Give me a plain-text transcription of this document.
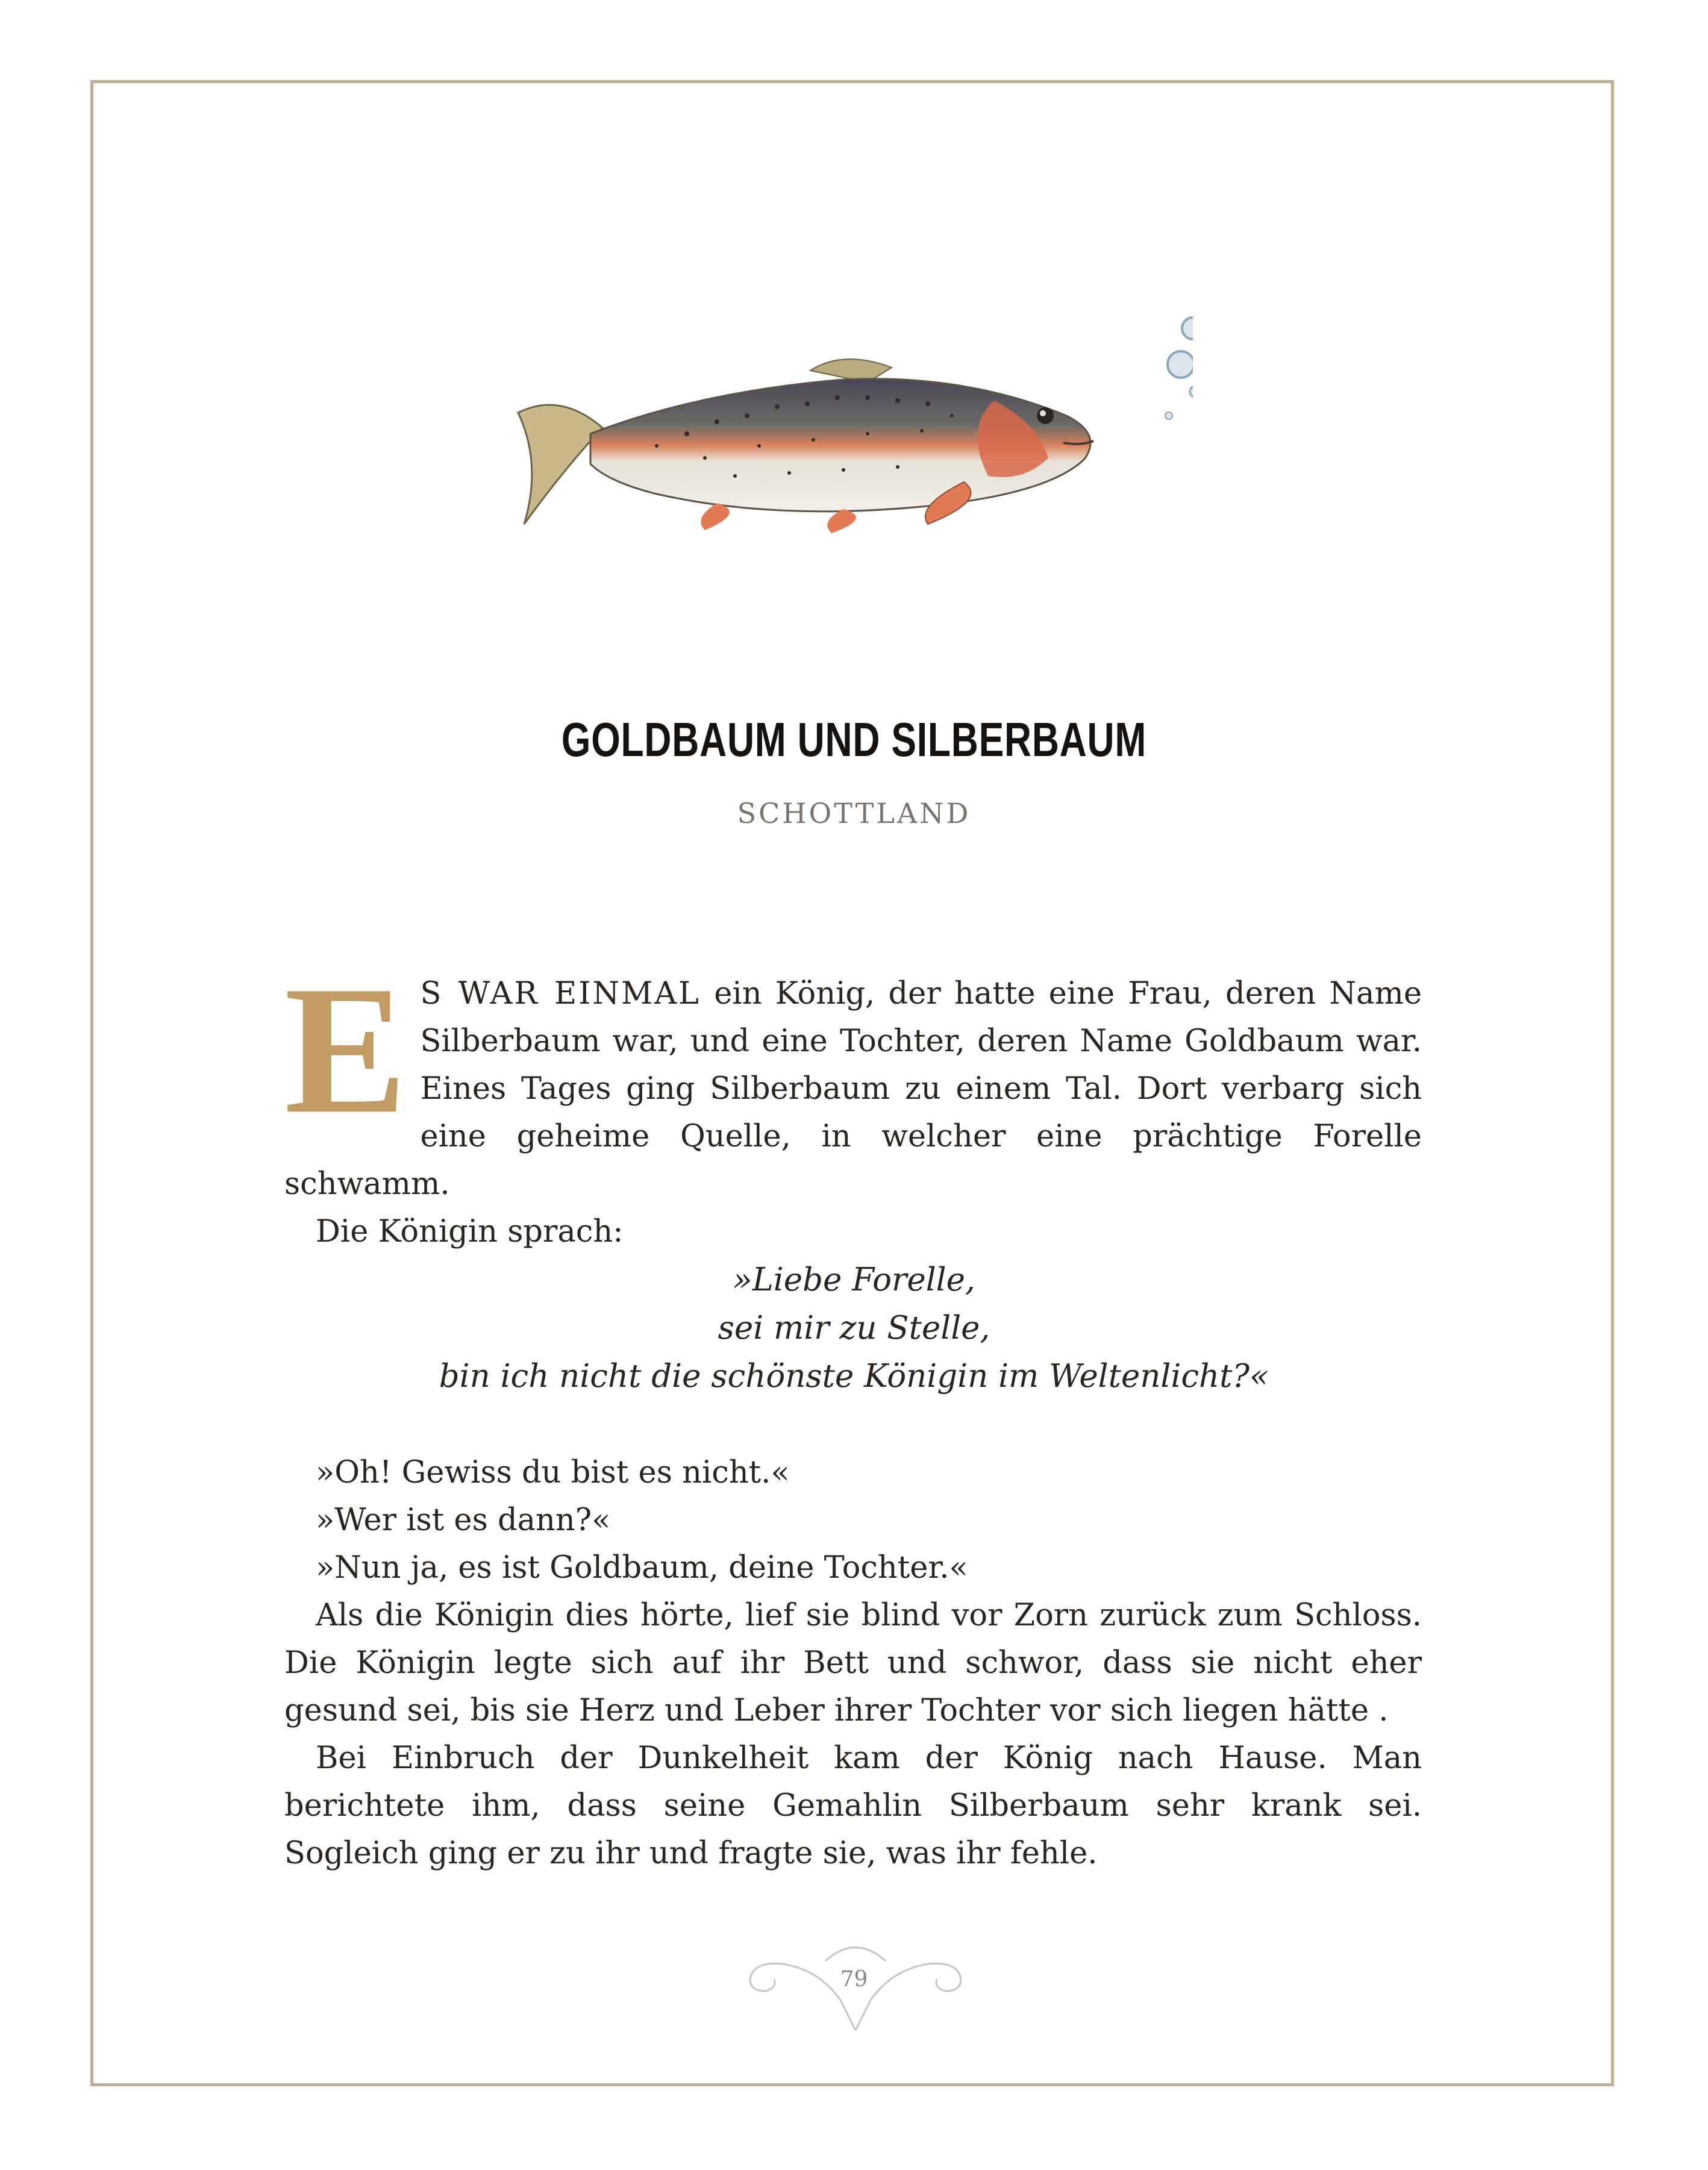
GOLDBAUM UND SILBERBAUM
SCHOTTLAND

E S WAR EINMAL ein König, der hatte eine Frau, deren Name Silberbaum war, und eine Tochter, deren Name Goldbaum war. Eines Tages ging Silberbaum zu einem Tal. Dort verbarg sich eine geheime Quelle, in welcher eine prächtige Forelle schwamm.

Die Königin sprach:

»Liebe Forelle,
sei mir zu Stelle,
bin ich nicht die schönste Königin im Weltenlicht?«

»Oh! Gewiss du bist es nicht.«

»Wer ist es dann?«

»Nun ja, es ist Goldbaum, deine Tochter.«

Als die Königin dies hörte, lief sie blind vor Zorn zurück zum Schloss. Die Königin legte sich auf ihr Bett und schwor, dass sie nicht eher gesund sei, bis sie Herz und Leber ihrer Tochter vor sich liegen hätte .

Bei Einbruch der Dunkelheit kam der König nach Hause. Man berichtete ihm, dass seine Gemahlin Silberbaum sehr krank sei. Sogleich ging er zu ihr und fragte sie, was ihr fehle.

79
